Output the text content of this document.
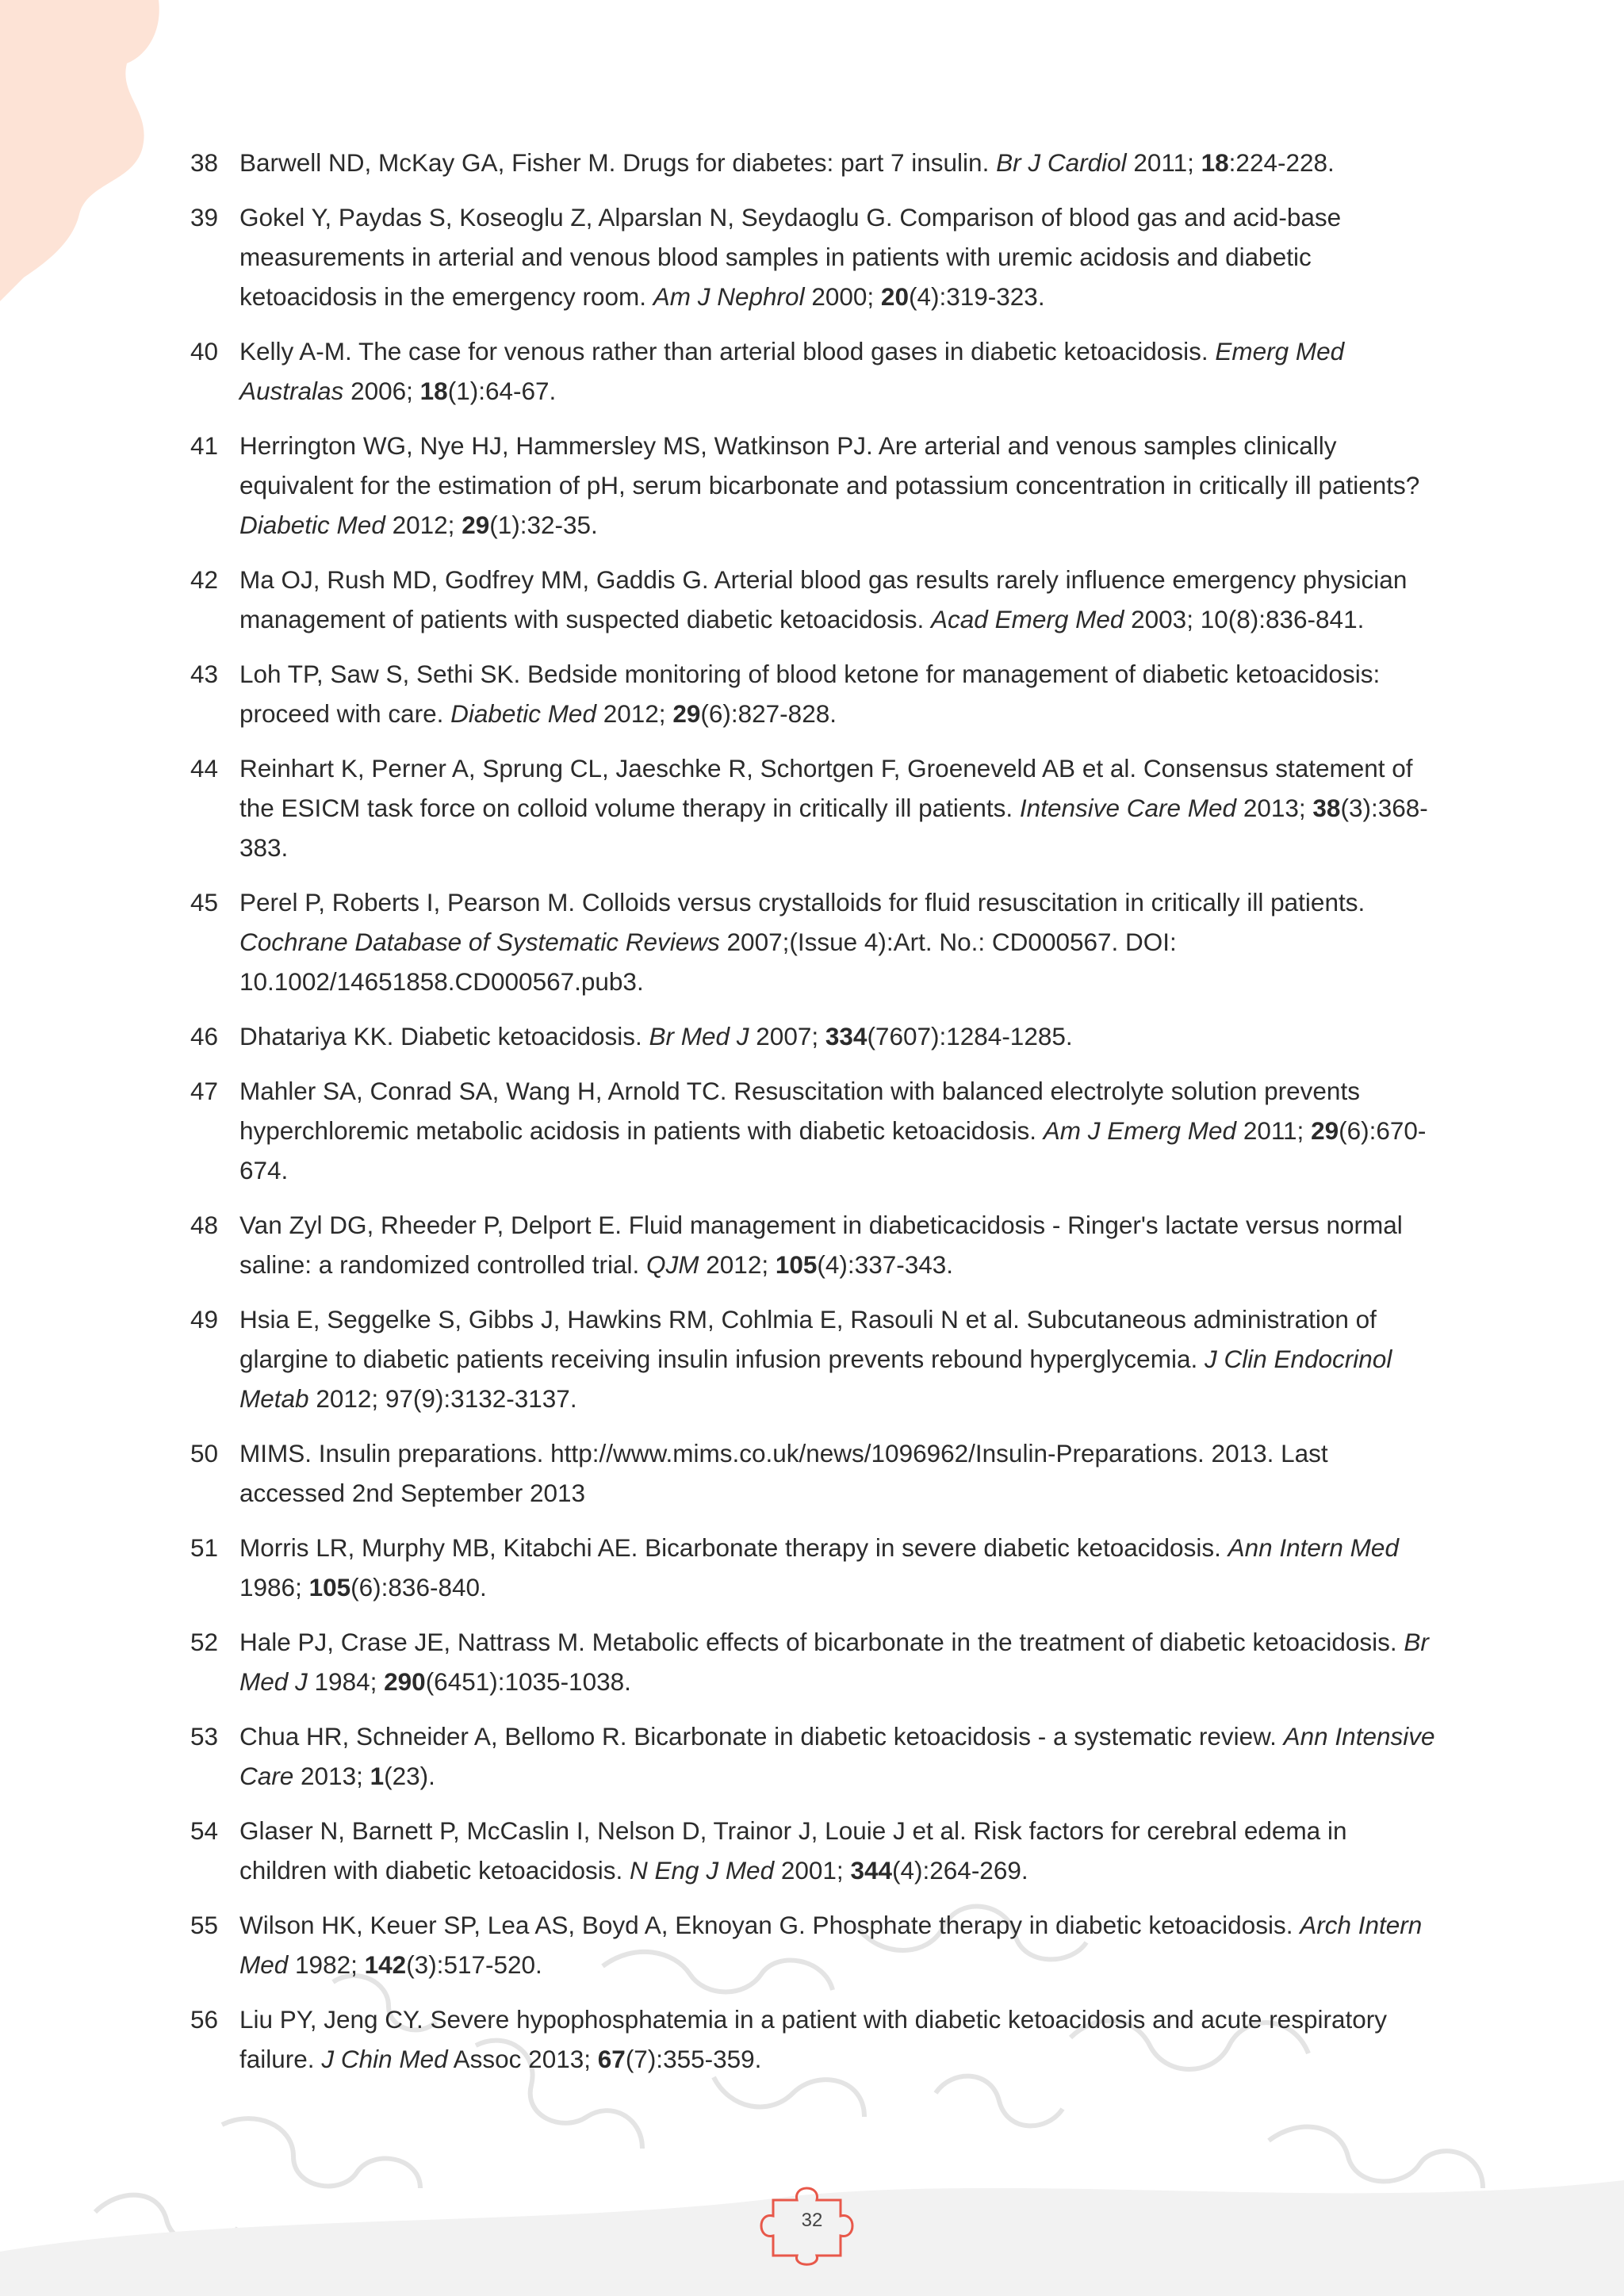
38 Barwell ND, McKay GA, Fisher M. Drugs for diabetes: part 7 insulin. Br J Cardiol 2011; 18:224-228.
39 Gokel Y, Paydas S, Koseoglu Z, Alparslan N, Seydaoglu G. Comparison of blood gas and acid-base measurements in arterial and venous blood samples in patients with uremic acidosis and diabetic ketoacidosis in the emergency room. Am J Nephrol 2000; 20(4):319-323.
40 Kelly A-M. The case for venous rather than arterial blood gases in diabetic ketoacidosis. Emerg Med Australas 2006; 18(1):64-67.
41 Herrington WG, Nye HJ, Hammersley MS, Watkinson PJ. Are arterial and venous samples clinically equivalent for the estimation of pH, serum bicarbonate and potassium concentration in critically ill patients? Diabetic Med 2012; 29(1):32-35.
42 Ma OJ, Rush MD, Godfrey MM, Gaddis G. Arterial blood gas results rarely influence emergency physician management of patients with suspected diabetic ketoacidosis. Acad Emerg Med 2003; 10(8):836-841.
43 Loh TP, Saw S, Sethi SK. Bedside monitoring of blood ketone for management of diabetic ketoacidosis: proceed with care. Diabetic Med 2012; 29(6):827-828.
44 Reinhart K, Perner A, Sprung CL, Jaeschke R, Schortgen F, Groeneveld AB et al. Consensus statement of the ESICM task force on colloid volume therapy in critically ill patients. Intensive Care Med 2013; 38(3):368-383.
45 Perel P, Roberts I, Pearson M. Colloids versus crystalloids for fluid resuscitation in critically ill patients. Cochrane Database of Systematic Reviews 2007;(Issue 4):Art. No.: CD000567. DOI: 10.1002/14651858.CD000567.pub3.
46 Dhatariya KK. Diabetic ketoacidosis. Br Med J 2007; 334(7607):1284-1285.
47 Mahler SA, Conrad SA, Wang H, Arnold TC. Resuscitation with balanced electrolyte solution prevents hyperchloremic metabolic acidosis in patients with diabetic ketoacidosis. Am J Emerg Med 2011; 29(6):670-674.
48 Van Zyl DG, Rheeder P, Delport E. Fluid management in diabeticacidosis - Ringer's lactate versus normal saline: a randomized controlled trial. QJM 2012; 105(4):337-343.
49 Hsia E, Seggelke S, Gibbs J, Hawkins RM, Cohlmia E, Rasouli N et al. Subcutaneous administration of glargine to diabetic patients receiving insulin infusion prevents rebound hyperglycemia. J Clin Endocrinol Metab 2012; 97(9):3132-3137.
50 MIMS. Insulin preparations. http://www.mims.co.uk/news/1096962/Insulin-Preparations. 2013. Last accessed 2nd September 2013
51 Morris LR, Murphy MB, Kitabchi AE. Bicarbonate therapy in severe diabetic ketoacidosis. Ann Intern Med 1986; 105(6):836-840.
52 Hale PJ, Crase JE, Nattrass M. Metabolic effects of bicarbonate in the treatment of diabetic ketoacidosis. Br Med J 1984; 290(6451):1035-1038.
53 Chua HR, Schneider A, Bellomo R. Bicarbonate in diabetic ketoacidosis - a systematic review. Ann Intensive Care 2013; 1(23).
54 Glaser N, Barnett P, McCaslin I, Nelson D, Trainor J, Louie J et al. Risk factors for cerebral edema in children with diabetic ketoacidosis. N Eng J Med 2001; 344(4):264-269.
55 Wilson HK, Keuer SP, Lea AS, Boyd A, Eknoyan G. Phosphate therapy in diabetic ketoacidosis. Arch Intern Med 1982; 142(3):517-520.
56 Liu PY, Jeng CY. Severe hypophosphatemia in a patient with diabetic ketoacidosis and acute respiratory failure. J Chin Med Assoc 2013; 67(7):355-359.
32
